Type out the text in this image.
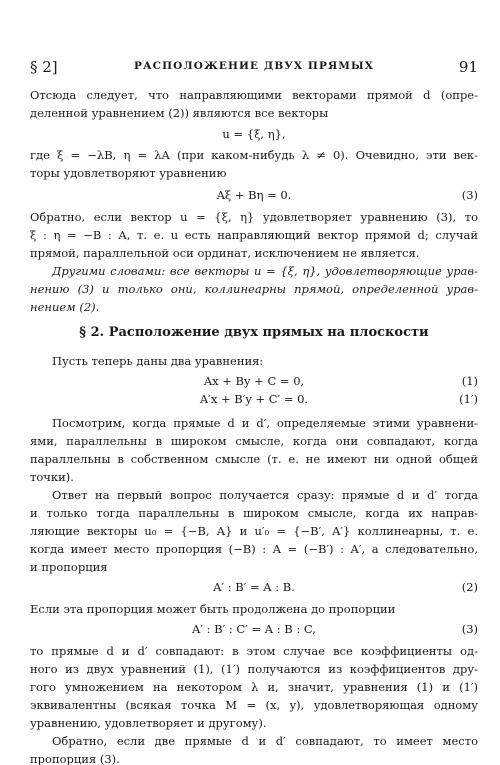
§ 2]	РАСПОЛОЖЕНИЕ ДВУХ ПРЯМЫХ	91
Отсюда следует, что направляющими векторами прямой d (опре-
деленной уравнением (2)) являются все векторы
u = {ξ, η},
где ξ = −λB, η = λA (при каком-нибудь λ ≠ 0). Очевидно, эти век-
торы удовлетворяют уравнению
Aξ + Bη = 0.	(3)
Обратно, если вектор u = {ξ, η} удовлетворяет уравнению (3), то
ξ : η = −B : A, т. е. u есть направляющий вектор прямой d; случай
прямой, параллельной оси ординат, исключением не является.
Другими словами: все векторы u = {ξ, η}, удовлетворяющие урав-
нению (3) и только они, коллинеарны прямой, определенной урав-
нением (2).
§ 2. Расположение двух прямых на плоскости
Пусть теперь даны два уравнения:
Ax + By + C = 0,	(1)
A′x + B′y + C′ = 0.	(1′)
Посмотрим, когда прямые d и d′, определяемые этими уравнени-
ями, параллельны в широком смысле, когда они совпадают, когда
параллельны в собственном смысле (т. е. не имеют ни одной общей
точки).
Ответ на первый вопрос получается сразу: прямые d и d′ тогда
и только тогда параллельны в широком смысле, когда их направ-
ляющие векторы u₀ = {−B, A} и u′₀ = {−B′, A′} коллинеарны, т. е.
когда имеет место пропорция (−B) : A = (−B′) : A′, а следовательно,
и пропорция
A′ : B′ = A : B.	(2)
Если эта пропорция может быть продолжена до пропорции
A′ : B′ : C′ = A : B : C,	(3)
то прямые d и d′ совпадают: в этом случае все коэффициенты од-
ного из двух уравнений (1), (1′) получаются из коэффициентов дру-
гого умножением на некотором λ и, значит, уравнения (1) и (1′)
эквивалентны (всякая точка M = (x, y), удовлетворяющая одному
уравнению, удовлетворяет и другому).
Обратно, если две прямые d и d′ совпадают, то имеет место
пропорция (3).
